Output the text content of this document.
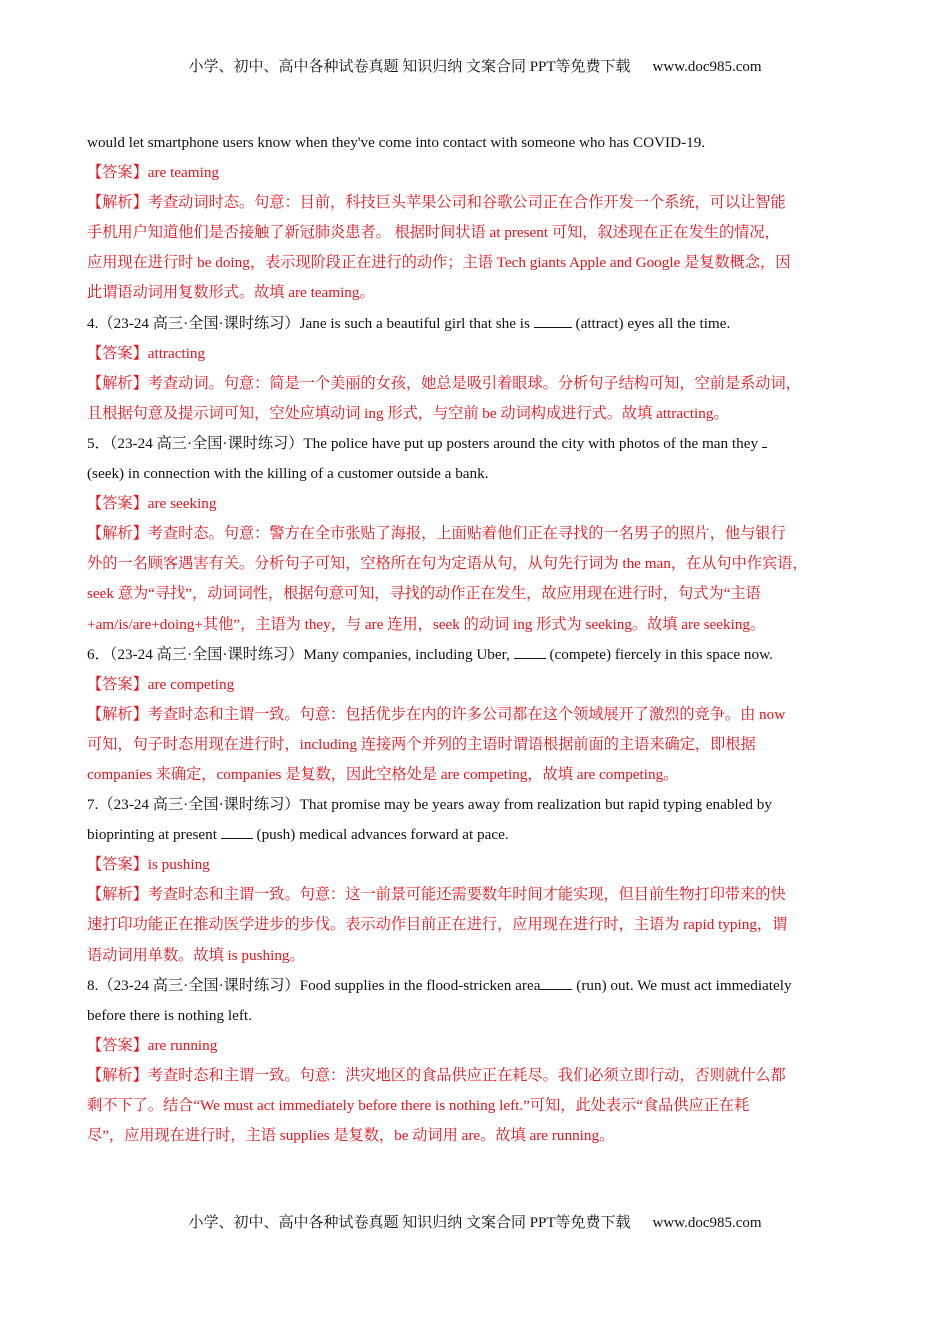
小学、初中、高中各种试卷真题 知识归纳 文案合同 PPT等免费下载 www.doc985.com
would let smartphone users know when they've come into contact with someone who has COVID-19.
【答案】are teaming
【解析】考查动词时态。句意：目前，科技巨头苹果公司和谷歌公司正在合作开发一个系统，可以让智能
手机用户知道他们是否接触了新冠肺炎患者。 根据时间状语 at present 可知，叙述现在正在发生的情况，
应用现在进行时 be doing，表示现阶段正在进行的动作；主语 Tech giants Apple and Google 是复数概念，因
此谓语动词用复数形式。故填 are teaming。
4.（23-24 高三·全国·课时练习）Jane is such a beautiful girl that she is	(attract) eyes all the time.
【答案】attracting
【解析】考查动词。句意：简是一个美丽的女孩，她总是吸引着眼球。分析句子结构可知，空前是系动词，
且根据句意及提示词可知，空处应填动词 ing 形式，与空前 be 动词构成进行式。故填 attracting。
5．（23-24 高三·全国·课时练习）The police have put up posters around the city with photos of the man they
(seek) in connection with the killing of a customer outside a bank.
【答案】are seeking
【解析】考查时态。句意：警方在全市张贴了海报，上面贴着他们正在寻找的一名男子的照片，他与银行
外的一名顾客遇害有关。分析句子可知，空格所在句为定语从句，从句先行词为 the man，在从句中作宾语，
seek 意为“寻找”，动词词性，根据句意可知，寻找的动作正在发生，故应用现在进行时，句式为“主语
+am/is/are+doing+其他”，主语为 they，与 are 连用，seek 的动词 ing 形式为 seeking。故填 are seeking。
6．（23-24 高三·全国·课时练习）Many companies, including Uber,  (compete) fiercely in this space now.
【答案】are competing
【解析】考查时态和主谓一致。句意：包括优步在内的许多公司都在这个领域展开了激烈的竞争。由 now
可知，句子时态用现在进行时，including 连接两个并列的主语时谓语根据前面的主语来确定，即根据
companies 来确定，companies 是复数，因此空格处是 are competing，故填 are competing。
7.（23-24 高三·全国·课时练习）That promise may be years away from realization but rapid typing enabled by
bioprinting at present  (push) medical advances forward at pace.
【答案】is pushing
【解析】考查时态和主谓一致。句意：这一前景可能还需要数年时间才能实现，但目前生物打印带来的快
速打印功能正在推动医学进步的步伐。表示动作目前正在进行，应用现在进行时，主语为 rapid typing，谓
语动词用单数。故填 is pushing。
8.（23-24 高三·全国·课时练习）Food supplies in the flood-stricken area (run) out. We must act immediately
before there is nothing left.
【答案】are running
【解析】考查时态和主谓一致。句意：洪灾地区的食品供应正在耗尽。我们必须立即行动，否则就什么都
剩不下了。结合“We must act immediately before there is nothing left.”可知，此处表示“食品供应正在耗
尽”，应用现在进行时，主语 supplies 是复数，be 动词用 are。故填 are running。
小学、初中、高中各种试卷真题 知识归纳 文案合同 PPT等免费下载 www.doc985.com
